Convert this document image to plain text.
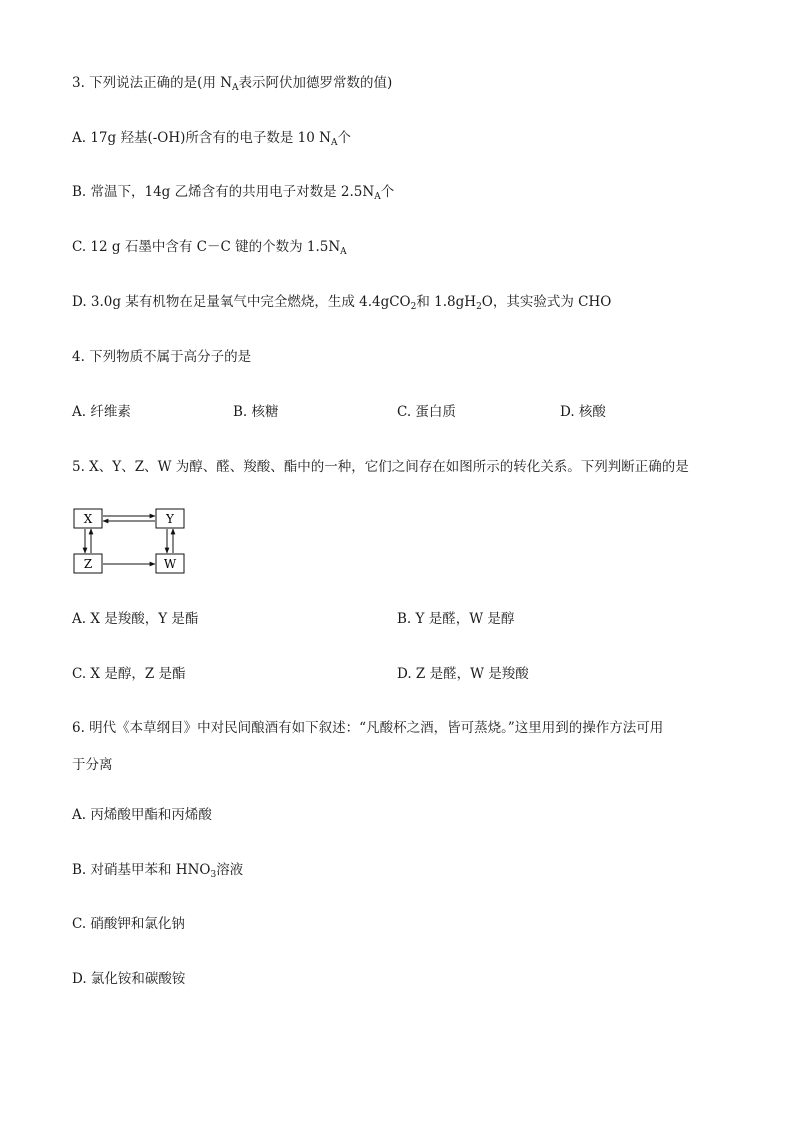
3. 下列说法正确的是(用 $N_A$表示阿伏加德罗常数的值)
A. 17g 羟基(-OH)所含有的电子数是 10 $N_A$个
B. 常温下，14g 乙烯含有的共用电子对数是 $2.5N_A$个
C. 12 g 石墨中含有 C－C 键的个数为 $1.5N_A$
D. 3.0g 某有机物在足量氧气中完全燃烧，生成 4.4gCO$_2$和 $1.8gH_2O$，其实验式为 CHO
4. 下列物质不属于高分子的是
A. 纤维素	B. 核糖	C. 蛋白质	D. 核酸
5. X、Y、Z、W 为醇、醛、羧酸、酯中的一种，它们之间存在如图所示的转化关系。下列判断正确的是
X	Y
Z	W
A. X 是羧酸，Y 是酯	B. Y 是醛，W 是醇
C. X 是醇，Z 是酯	D. Z 是醛，W 是羧酸
6. 明代《本草纲目》中对民间酿酒有如下叙述：“凡酸杯之酒，皆可蒸烧。”这里用到的操作方法可用
于分离
A. 丙烯酸甲酯和丙烯酸
B. 对硝基甲苯和 $HNO_3$溶液
C. 硝酸钾和氯化钠
D. 氯化铵和碳酸铵
